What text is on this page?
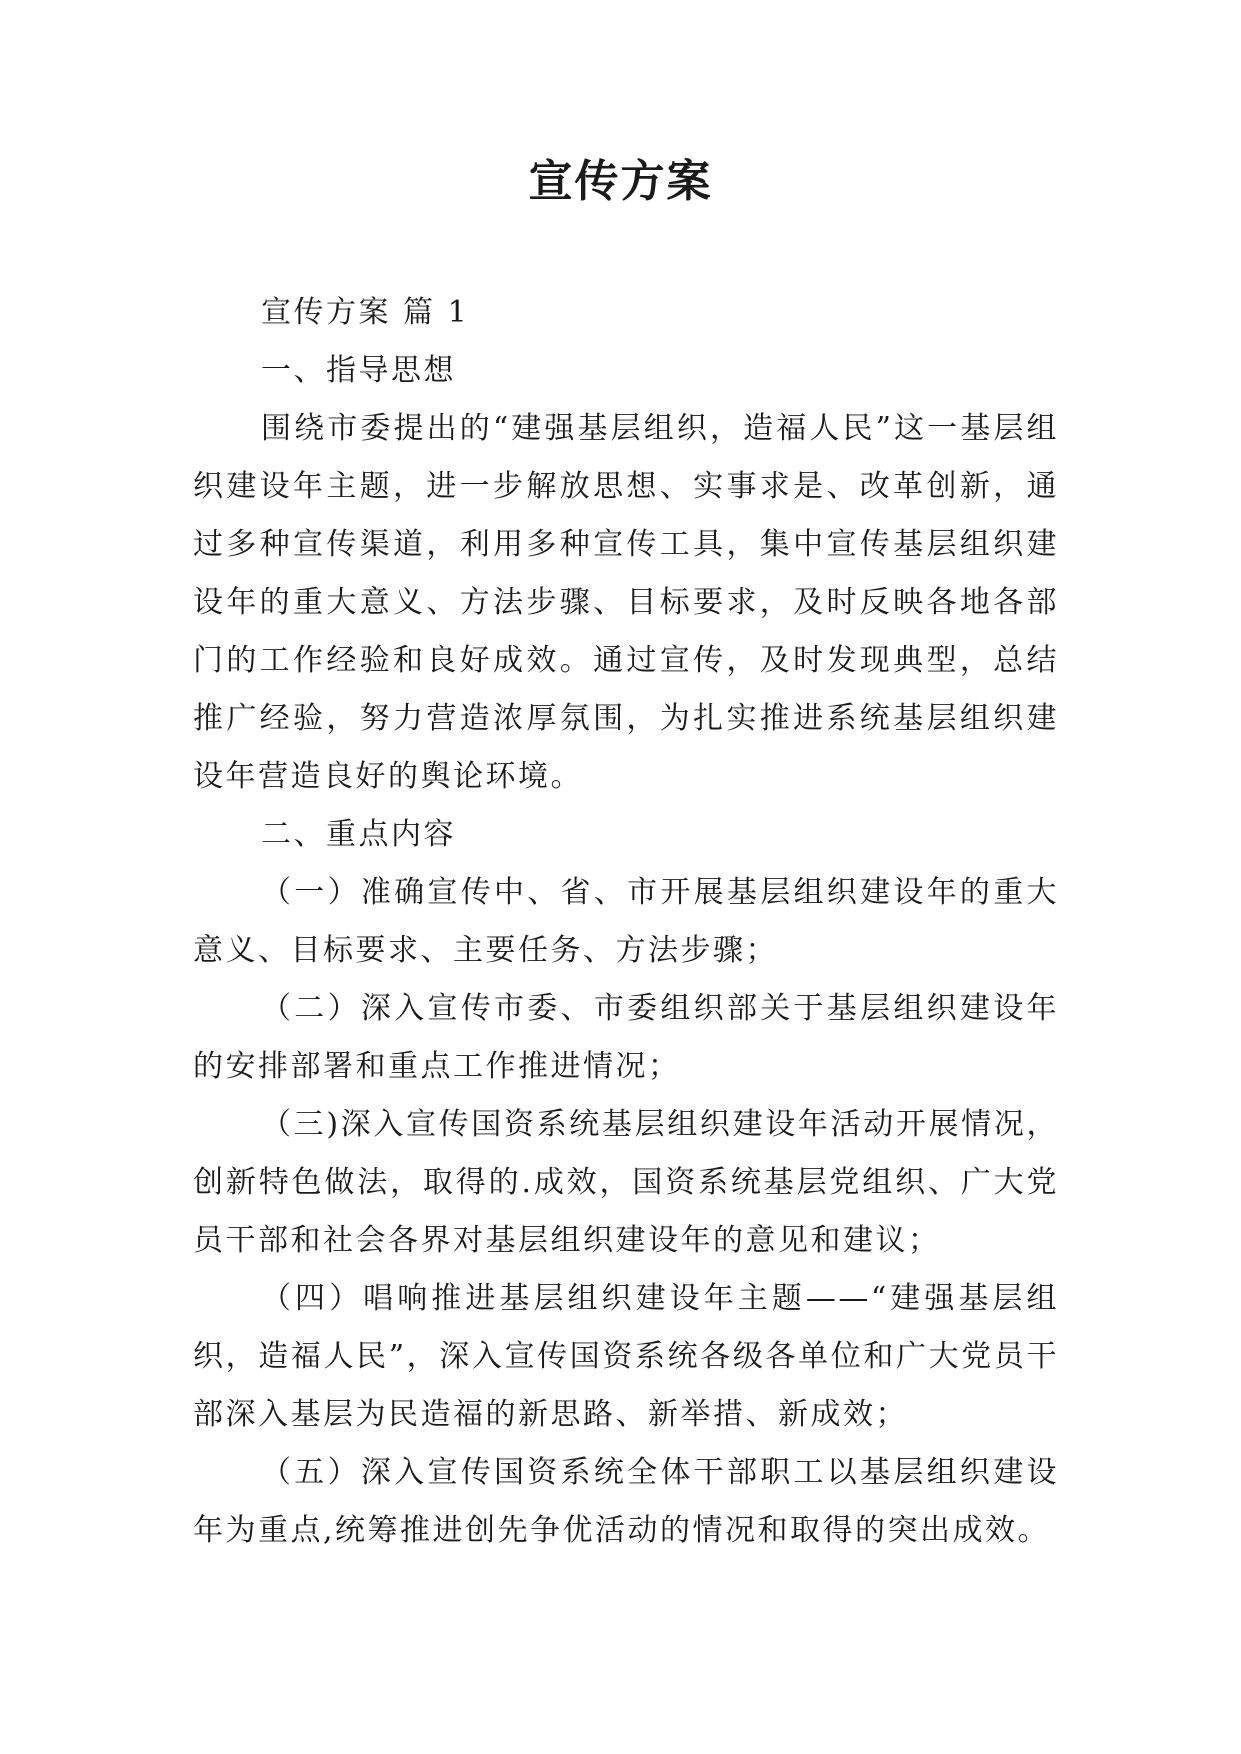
宣传方案

宣传方案 篇 1

一、指导思想

围绕市委提出的“建强基层组织，造福人民”这一基层组织建设年主题，进一步解放思想、实事求是、改革创新，通过多种宣传渠道，利用多种宣传工具，集中宣传基层组织建设年的重大意义、方法步骤、目标要求，及时反映各地各部门的工作经验和良好成效。通过宣传，及时发现典型，总结推广经验，努力营造浓厚氛围，为扎实推进系统基层组织建设年营造良好的舆论环境。

二、重点内容

（一）准确宣传中、省、市开展基层组织建设年的重大意义、目标要求、主要任务、方法步骤；

（二）深入宣传市委、市委组织部关于基层组织建设年的安排部署和重点工作推进情况；

（三)深入宣传国资系统基层组织建设年活动开展情况，创新特色做法，取得的.成效，国资系统基层党组织、广大党员干部和社会各界对基层组织建设年的意见和建议；

（四）唱响推进基层组织建设年主题——“建强基层组织，造福人民”，深入宣传国资系统各级各单位和广大党员干部深入基层为民造福的新思路、新举措、新成效；

（五）深入宣传国资系统全体干部职工以基层组织建设年为重点,统筹推进创先争优活动的情况和取得的突出成效。
